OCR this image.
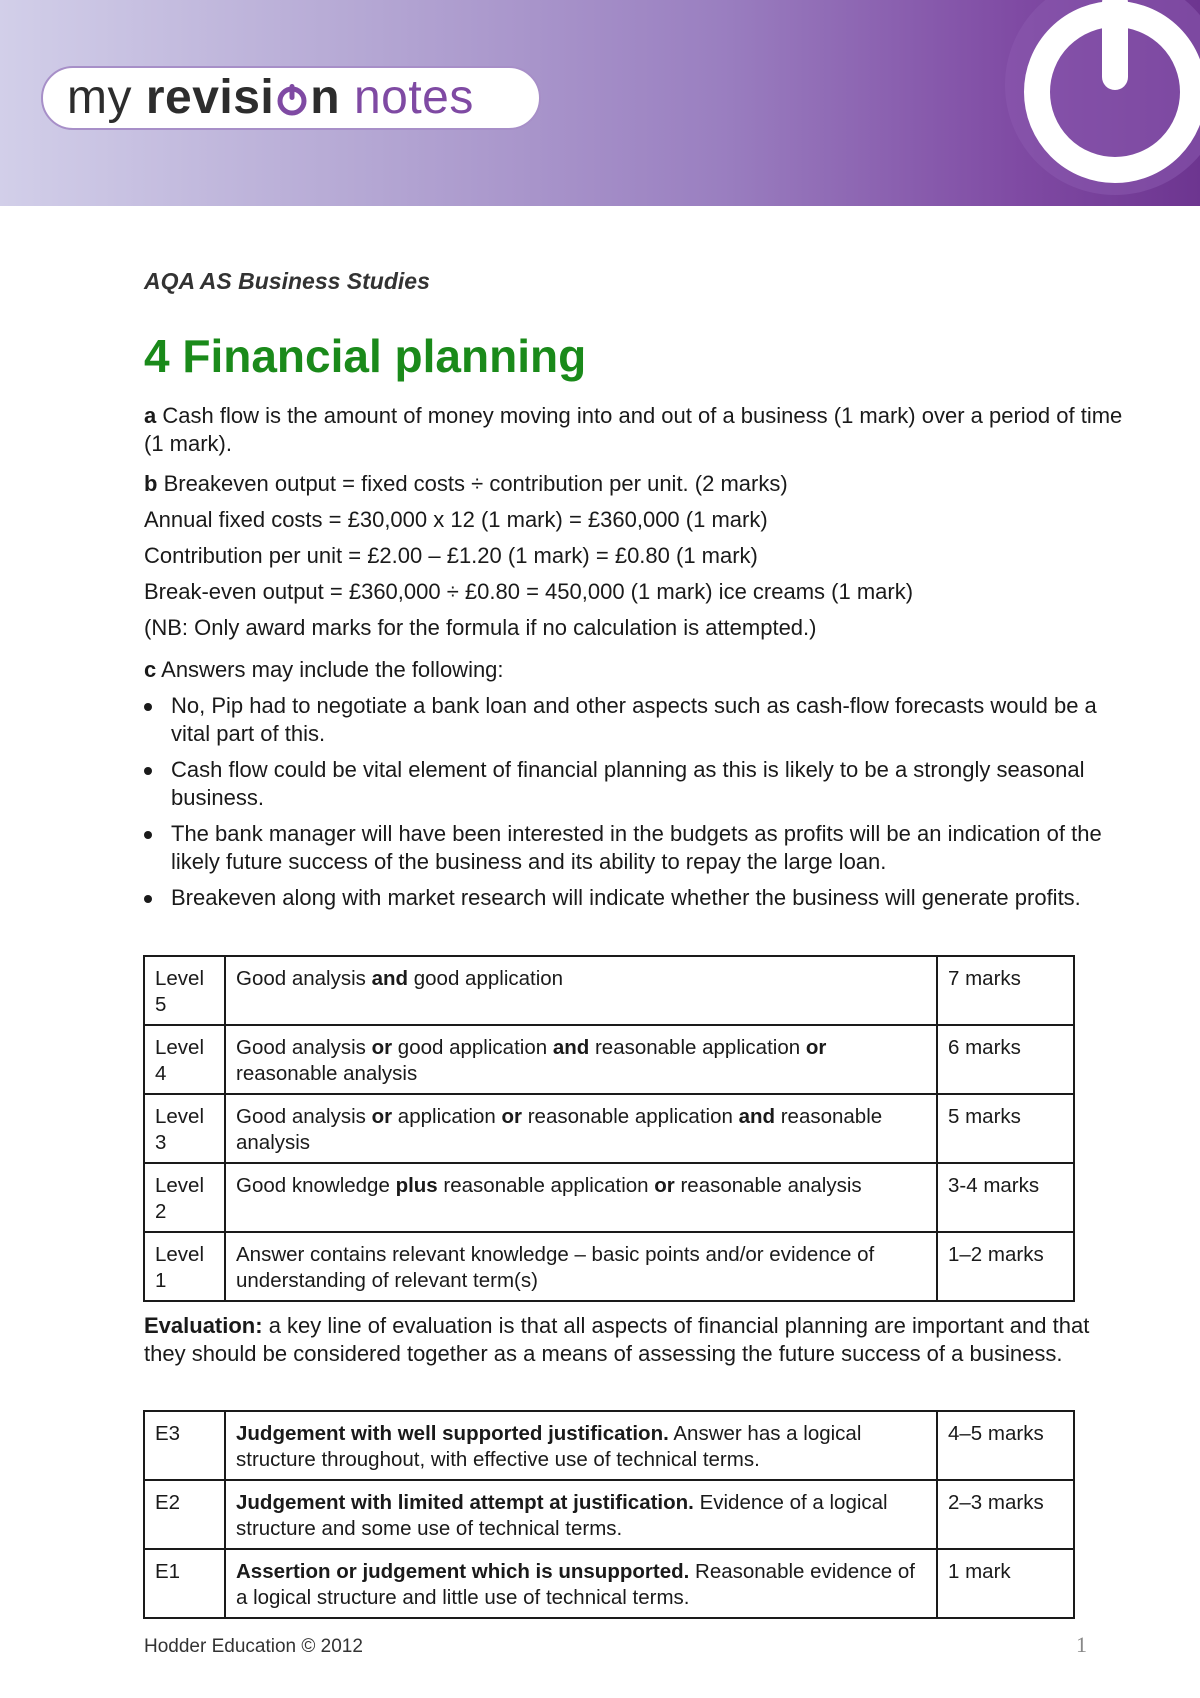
my revisi n notes

AQA AS Business Studies

4 Financial planning

a Cash flow is the amount of money moving into and out of a business (1 mark) over a period of time (1 mark).

b Breakeven output = fixed costs ÷ contribution per unit. (2 marks)

Annual fixed costs = £30,000 x 12 (1 mark) = £360,000 (1 mark)

Contribution per unit = £2.00 – £1.20 (1 mark) = £0.80 (1 mark)

Break-even output = £360,000 ÷ £0.80 = 450,000 (1 mark) ice creams (1 mark)

(NB: Only award marks for the formula if no calculation is attempted.)

c Answers may include the following:

No, Pip had to negotiate a bank loan and other aspects such as cash-flow forecasts would be a vital part of this.
Cash flow could be vital element of financial planning as this is likely to be a strongly seasonal business.
The bank manager will have been interested in the budgets as profits will be an indication of the likely future success of the business and its ability to repay the large loan.
Breakeven along with market research will indicate whether the business will generate profits.
Level 5	Good analysis and good application	7 marks
Level 4	Good analysis or good application and reasonable application or reasonable analysis	6 marks
Level 3	Good analysis or application or reasonable application and reasonable analysis	5 marks
Level 2	Good knowledge plus reasonable application or reasonable analysis	3-4 marks
Level 1	Answer contains relevant knowledge – basic points and/or evidence of understanding of relevant term(s)	1–2 marks

Evaluation: a key line of evaluation is that all aspects of financial planning are important and that they should be considered together as a means of assessing the future success of a business.

E3	Judgement with well supported justification. Answer has a logical structure throughout, with effective use of technical terms.	4–5 marks
E2	Judgement with limited attempt at justification. Evidence of a logical structure and some use of technical terms.	2–3 marks
E1	Assertion or judgement which is unsupported. Reasonable evidence of a logical structure and little use of technical terms.	1 mark
Hodder Education © 2012	1
